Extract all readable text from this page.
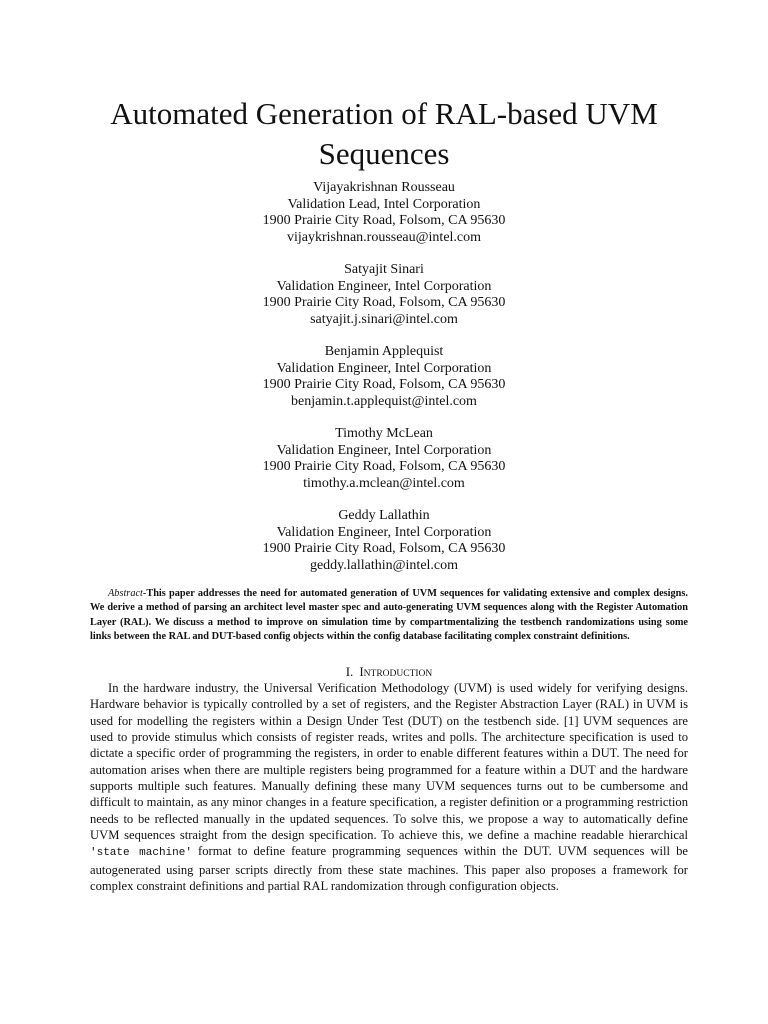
Automated Generation of RAL-based UVM Sequences
Vijayakrishnan Rousseau
Validation Lead, Intel Corporation
1900 Prairie City Road, Folsom, CA 95630
vijaykrishnan.rousseau@intel.com
Satyajit Sinari
Validation Engineer, Intel Corporation
1900 Prairie City Road, Folsom, CA 95630
satyajit.j.sinari@intel.com
Benjamin Applequist
Validation Engineer, Intel Corporation
1900 Prairie City Road, Folsom, CA 95630
benjamin.t.applequist@intel.com
Timothy McLean
Validation Engineer, Intel Corporation
1900 Prairie City Road, Folsom, CA 95630
timothy.a.mclean@intel.com
Geddy Lallathin
Validation Engineer, Intel Corporation
1900 Prairie City Road, Folsom, CA 95630
geddy.lallathin@intel.com

Abstract-This paper addresses the need for automated generation of UVM sequences for validating extensive and complex designs. We derive a method of parsing an architect level master spec and auto-generating UVM sequences along with the Register Automation Layer (RAL). We discuss a method to improve on simulation time by compartmentalizing the testbench randomizations using some links between the RAL and DUT-based config objects within the config database facilitating complex constraint definitions.

I. INTRODUCTION

In the hardware industry, the Universal Verification Methodology (UVM) is used widely for verifying designs. Hardware behavior is typically controlled by a set of registers, and the Register Abstraction Layer (RAL) in UVM is used for modelling the registers within a Design Under Test (DUT) on the testbench side. [1] UVM sequences are used to provide stimulus which consists of register reads, writes and polls. The architecture specification is used to dictate a specific order of programming the registers, in order to enable different features within a DUT. The need for automation arises when there are multiple registers being programmed for a feature within a DUT and the hardware supports multiple such features. Manually defining these many UVM sequences turns out to be cumbersome and difficult to maintain, as any minor changes in a feature specification, a register definition or a programming restriction needs to be reflected manually in the updated sequences. To solve this, we propose a way to automatically define UVM sequences straight from the design specification. To achieve this, we define a machine readable hierarchical 'state machine' format to define feature programming sequences within the DUT. UVM sequences will be autogenerated using parser scripts directly from these state machines. This paper also proposes a framework for complex constraint definitions and partial RAL randomization through configuration objects.
